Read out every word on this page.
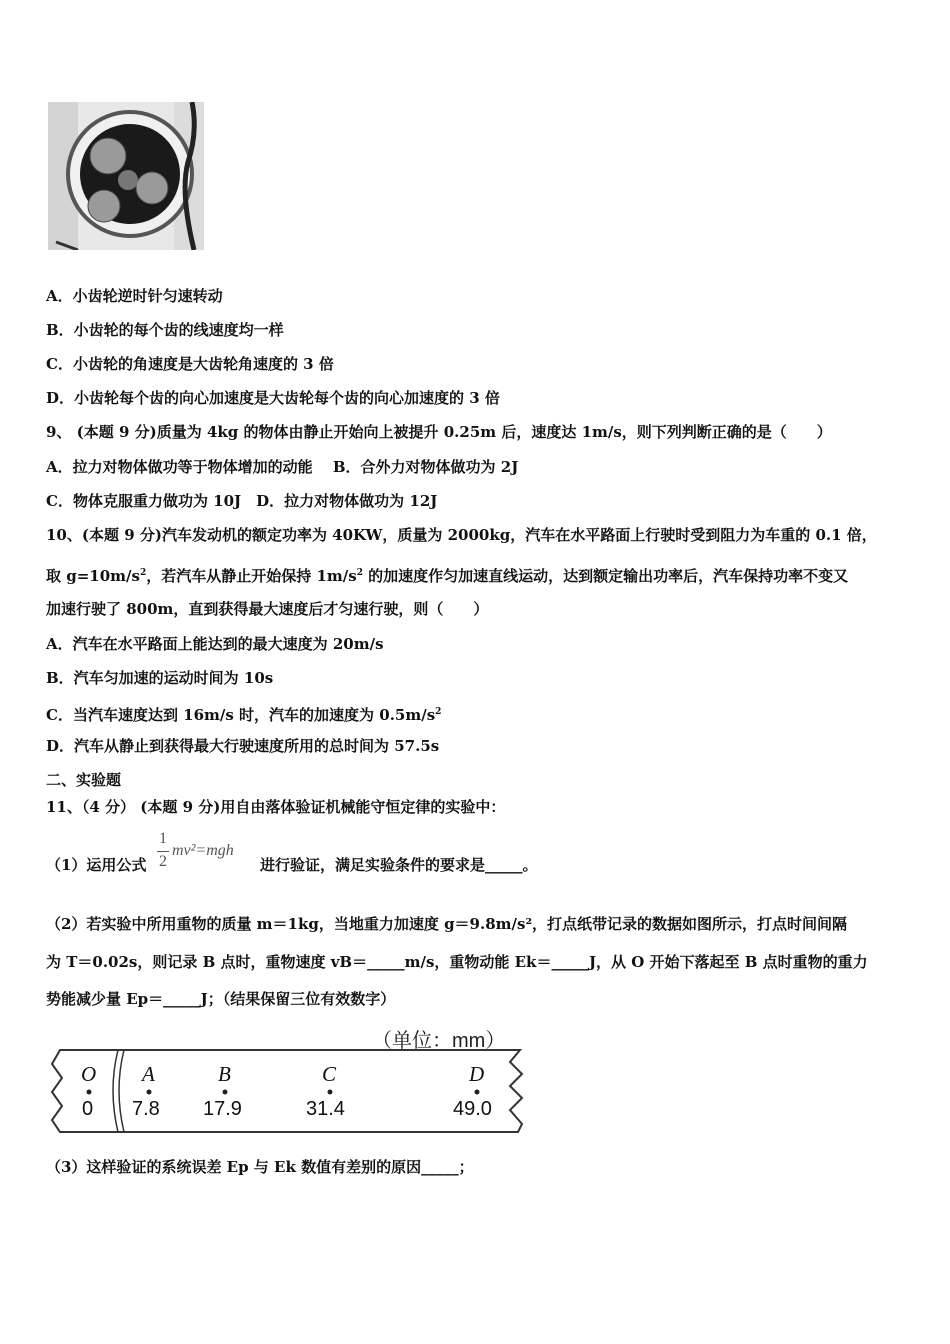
A．小齿轮逆时针匀速转动
B．小齿轮的每个齿的线速度均一样
C．小齿轮的角速度是大齿轮角速度的 3 倍
D．小齿轮每个齿的向心加速度是大齿轮每个齿的向心加速度的 3 倍
9、 (本题 9 分)质量为 4kg 的物体由静止开始向上被提升 0.25m 后，速度达 1m/s，则下列判断正确的是（　　）
A．拉力对物体做功等于物体增加的动能　 B．合外力对物体做功为 2J
C．物体克服重力做功为 10J　 D．拉力对物体做功为 12J
10、(本题 9 分)汽车发动机的额定功率为 40KW，质量为 2000kg，汽车在水平路面上行驶时受到阻力为车重的 0.1 倍，
取 $g=10m/s^2$，若汽车从静止开始保持 $1m/s^2$ 的加速度作匀加速直线运动，达到额定输出功率后，汽车保持功率不变又
加速行驶了 800m，直到获得最大速度后才匀速行驶，则（　　）
A．汽车在水平路面上能达到的最大速度为 20m/s
B．汽车匀加速的运动时间为 10s
C．当汽车速度达到 16m/s 时，汽车的加速度为 $0.5m/s^2$
D．汽车从静止到获得最大行驶速度所用的总时间为 57.5s
二、实验题
11、（4 分） (本题 9 分)用自由落体验证机械能守恒定律的实验中：
（1）运用公式
1
2
mv²=mgh
进行验证，满足实验条件的要求是_____。
（2）若实验中所用重物的质量 m＝1kg，当地重力加速度 g＝9.8m/s²，打点纸带记录的数据如图所示，打点时间间隔
为 T＝0.02s，则记录 B 点时，重物速度 vB＝_____m/s，重物动能 Ek＝_____J，从 O 开始下落起至 B 点时重物的重力
势能减少量 Ep＝_____J；（结果保留三位有效数字）
（单位：mm）
O
0
A
7.8
B
17.9
C
31.4
D
49.0
（3）这样验证的系统误差 Ep 与 Ek 数值有差别的原因_____；
